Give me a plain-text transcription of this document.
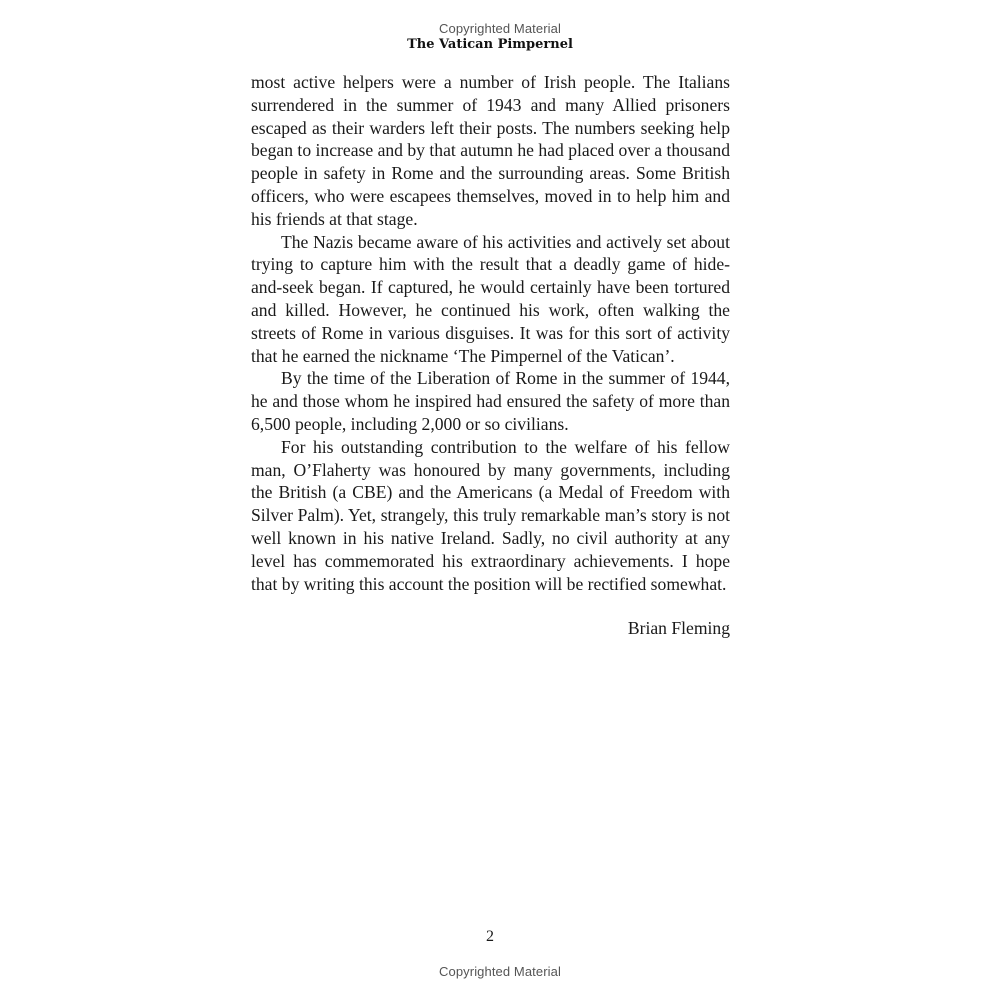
Copyrighted Material
The Vatican Pimpernel

most active helpers were a number of Irish people. The Italians surrendered in the summer of 1943 and many Allied prisoners escaped as their warders left their posts. The numbers seeking help began to increase and by that autumn he had placed over a thousand people in safety in Rome and the surrounding areas. Some British officers, who were escapees themselves, moved in to help him and his friends at that stage.

The Nazis became aware of his activities and actively set about trying to capture him with the result that a deadly game of hide-and-seek began. If captured, he would certainly have been tortured and killed. However, he continued his work, often walking the streets of Rome in various disguises. It was for this sort of activity that he earned the nickname ‘The Pimpernel of the Vatican’.

By the time of the Liberation of Rome in the summer of 1944, he and those whom he inspired had ensured the safety of more than 6,500 people, including 2,000 or so civilians.

For his outstanding contribution to the welfare of his fellow man, O’Flaherty was honoured by many governments, including the British (a CBE) and the Americans (a Medal of Freedom with Silver Palm). Yet, strangely, this truly remarkable man’s story is not well known in his native Ireland. Sadly, no civil authority at any level has commemorated his extraordinary achievements. I hope that by writing this account the position will be rectified somewhat.

Brian Fleming
2
Copyrighted Material
